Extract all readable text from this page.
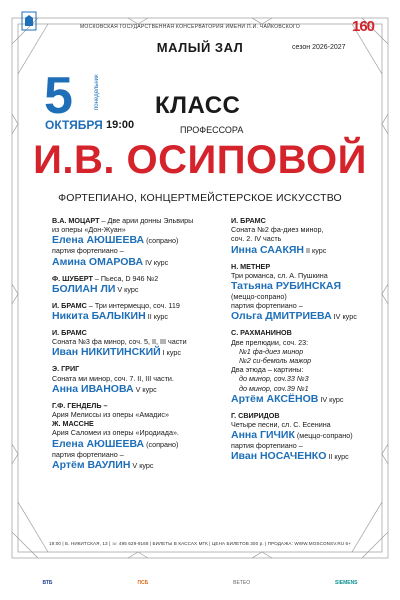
160
МОСКОВСКАЯ ГОСУДАРСТВЕННАЯ КОНСЕРВАТОРИЯ ИМЕНИ П.И. ЧАЙКОВСКОГО
МАЛЫЙ ЗАЛ	сезон 2026-2027
5	понедельник
ОКТЯБРЯ 19:00
КЛАСС
ПРОФЕССОРА
И.В. ОСИПОВОЙ
ФОРТЕПИАНО, КОНЦЕРТМЕЙСТЕРСКОЕ ИСКУССТВО
В.А. МОЦАРТ – Две арии донны Эльвиры
из оперы «Дон-Жуан»
Елена АЮШЕЕВА (сопрано)
партия фортепиано –
Амина ОМАРОВА IV курс
Ф. ШУБЕРТ – Пьеса, D 946 №2
БОЛИАН ЛИ V курс
И. БРАМС – Три интермеццо, соч. 119
Никита БАЛЫКИН II курс
И. БРАМС
Соната №3 фа минор, соч. 5, II, III части
Иван НИКИТИНСКИЙ I курс
Э. ГРИГ
Соната ми минор, соч. 7. II, III части.
Анна ИВАНОВА V курс
Г.Ф. ГЕНДЕЛЬ –
Ария Мелиссы из оперы «Амадис»
Ж. МАССНЕ
Ария Саломеи из оперы «Иродиада».
Елена АЮШЕЕВА (сопрано)
партия фортепиано –
Артём ВАУЛИН V курс
И. БРАМС
Соната №2 фа-диез минор,
соч. 2. IV часть
Инна СААКЯН II курс
Н. МЕТНЕР
Три романса, сл. А. Пушкина
Татьяна РУБИНСКАЯ
(меццо-сопрано)
партия фортепиано –
Ольга ДМИТРИЕВА IV курс
С. РАХМАНИНОВ
Две прелюдии, соч. 23:
№1 фа-диез минор
№2 си-бемоль мажор
Два этюда – картины:
до минор, соч.33 №3
до минор, соч.39 №1
Артём АКСЁНОВ IV курс
Г. СВИРИДОВ
Четыре песни, сл. С. Есенина
Анна ГИЧИК (меццо-сопрано)
партия фортепиано –
Иван НОСАЧЕНКО II курс
19:00 | Б. НИКИТСКАЯ, 13 | ☏ 495 629-9168 | БИЛЕТЫ В КАССАХ МГК | ЦЕНА БИЛЕТОВ 300 р. | ПРОДАЖА: WWW.MOSCONSV.RU 6+
ВТБ	ПСБ	BETEO	SIEMENS
